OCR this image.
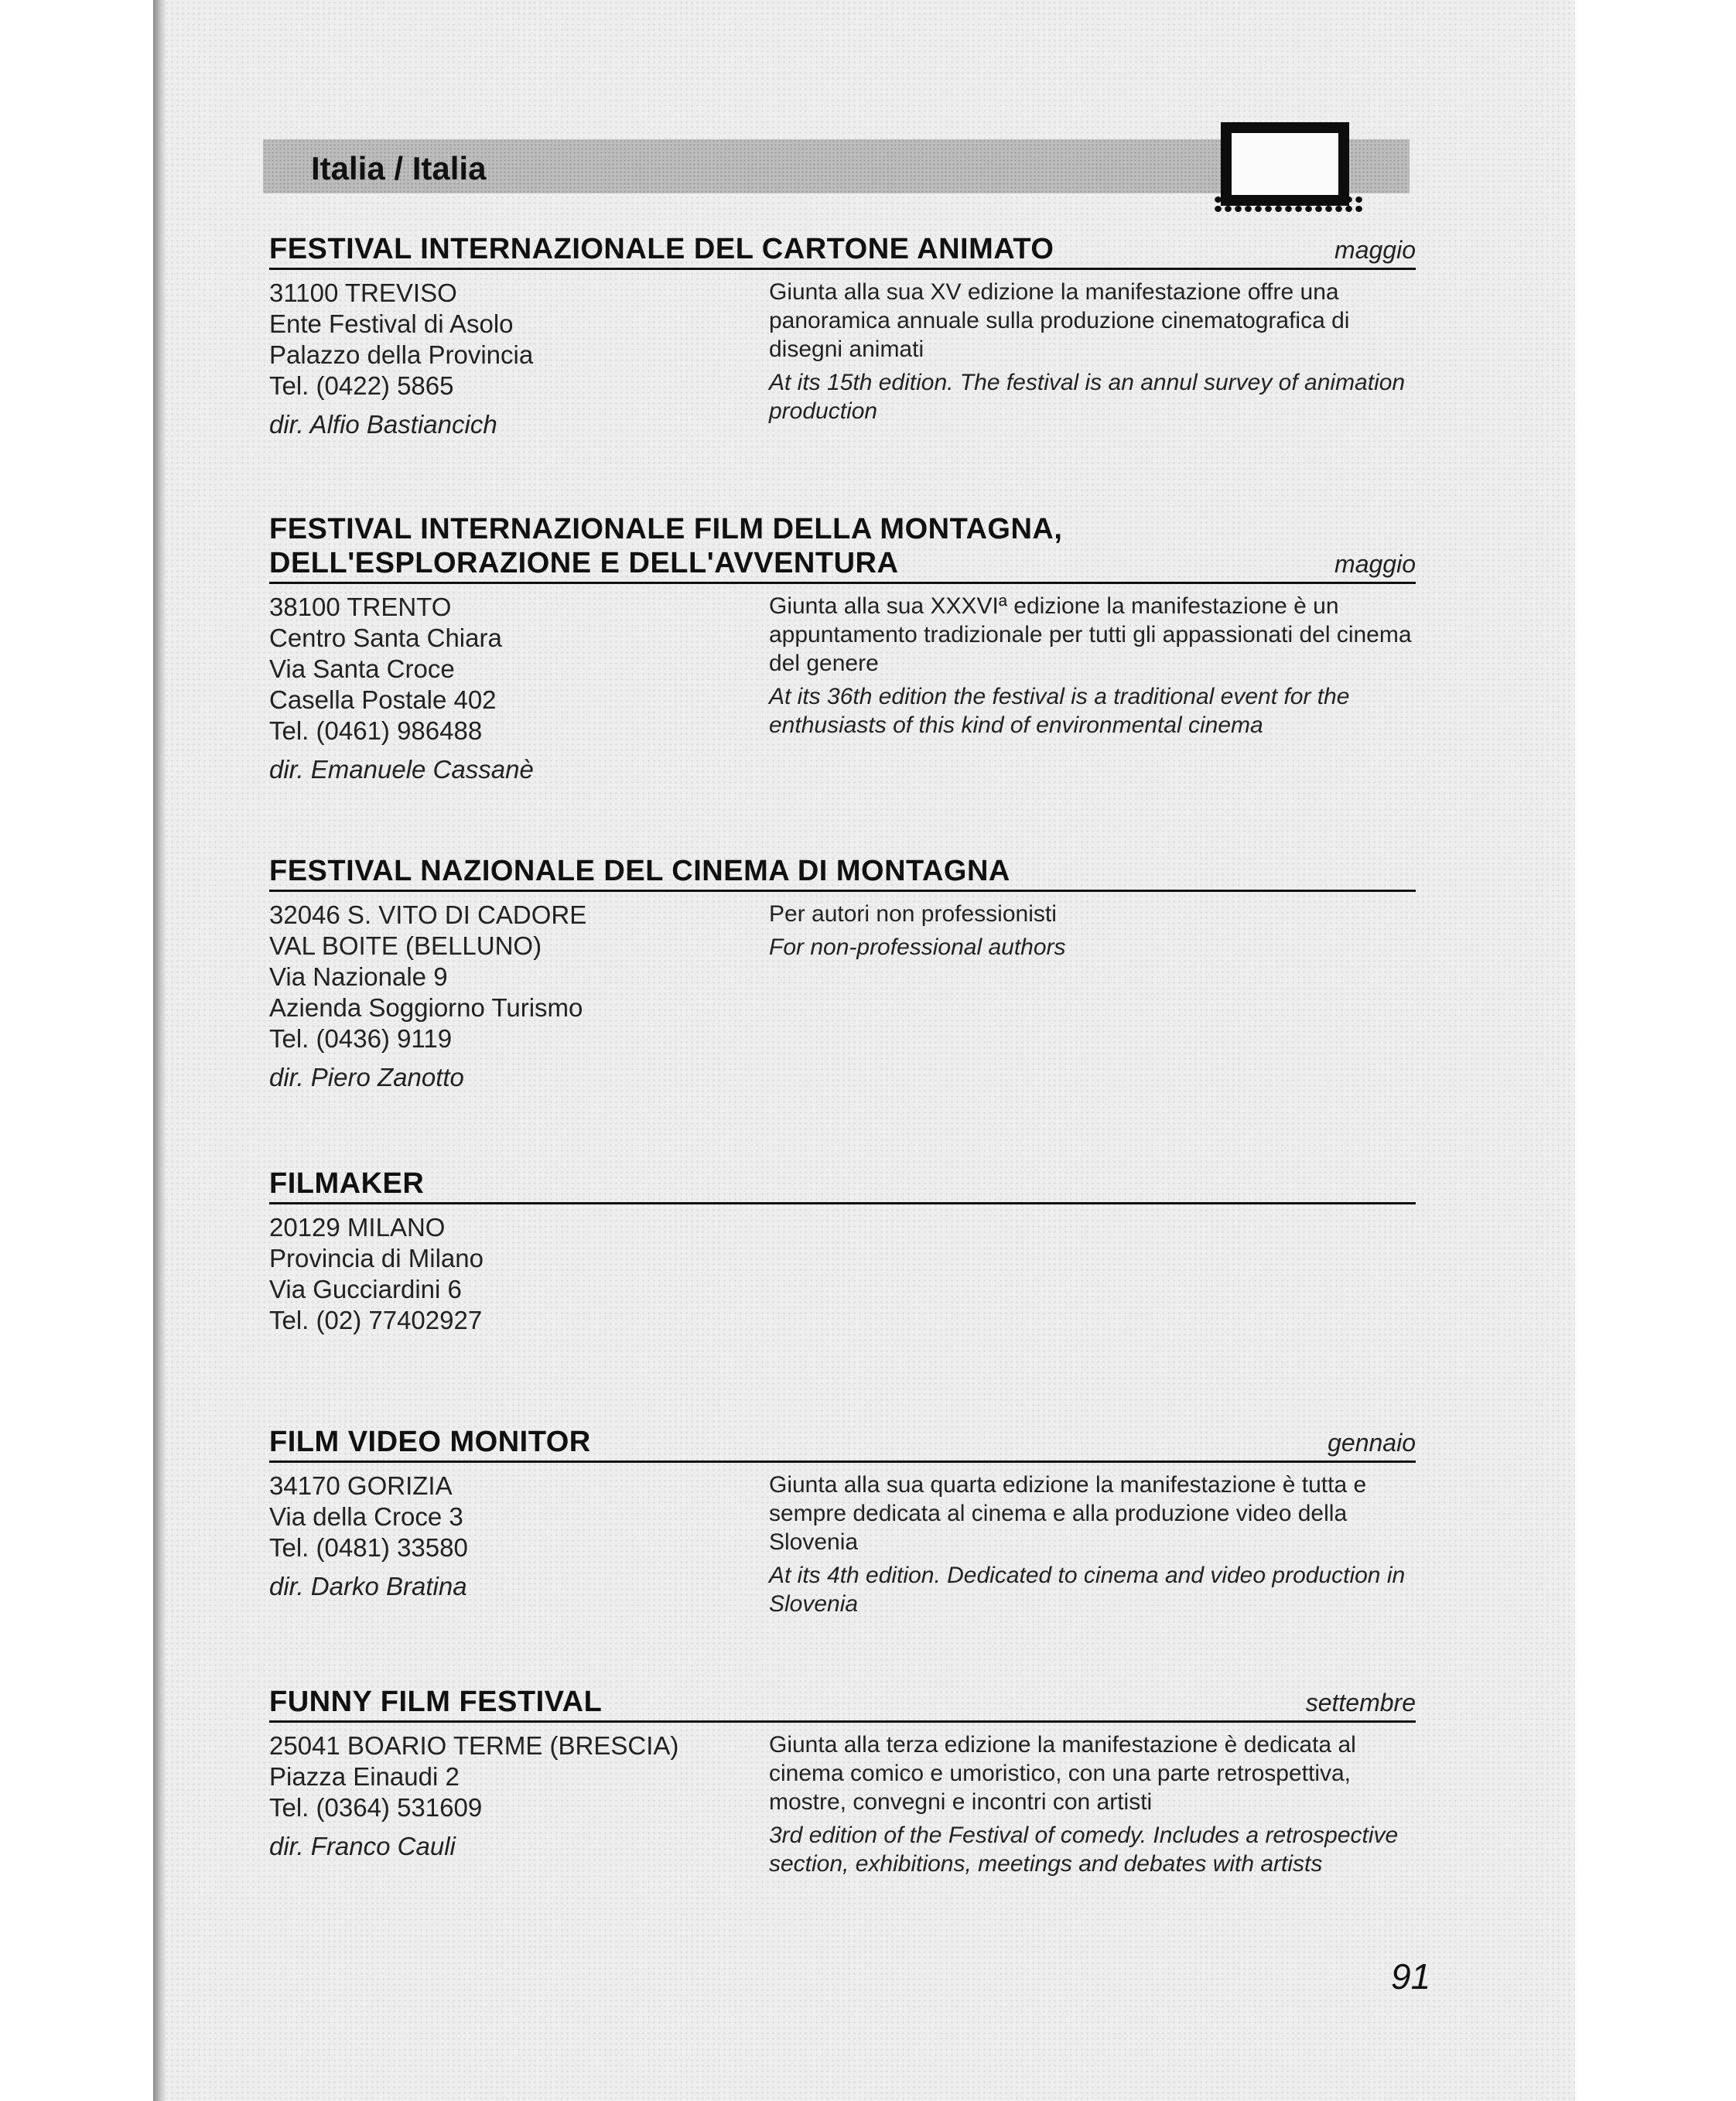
Italia / Italia
FESTIVAL INTERNAZIONALE DEL CARTONE ANIMATO	maggio
31100 TREVISO
Ente Festival di Asolo
Palazzo della Provincia
Tel. (0422) 5865
dir. Alfio Bastiancich
Giunta alla sua XV edizione la manifestazione offre una panoramica annuale sulla produzione cinematografica di disegni animati
At its 15th edition. The festival is an annul survey of animation production
FESTIVAL INTERNAZIONALE FILM DELLA MONTAGNA, DELL'ESPLORAZIONE E DELL'AVVENTURA	maggio
38100 TRENTO
Centro Santa Chiara
Via Santa Croce
Casella Postale 402
Tel. (0461) 986488
dir. Emanuele Cassanè
Giunta alla sua XXXVIª edizione la manifestazione è un appuntamento tradizionale per tutti gli appassionati del cinema del genere
At its 36th edition the festival is a traditional event for the enthusiasts of this kind of environmental cinema
FESTIVAL NAZIONALE DEL CINEMA DI MONTAGNA
32046 S. VITO DI CADORE
VAL BOITE (BELLUNO)
Via Nazionale 9
Azienda Soggiorno Turismo
Tel. (0436) 9119
dir. Piero Zanotto
Per autori non professionisti
For non-professional authors
FILMAKER
20129 MILANO
Provincia di Milano
Via Gucciardini 6
Tel. (02) 77402927
FILM VIDEO MONITOR	gennaio
34170 GORIZIA
Via della Croce 3
Tel. (0481) 33580
dir. Darko Bratina
Giunta alla sua quarta edizione la manifestazione è tutta e sempre dedicata al cinema e alla produzione video della Slovenia
At its 4th edition. Dedicated to cinema and video production in Slovenia
FUNNY FILM FESTIVAL	settembre
25041 BOARIO TERME (BRESCIA)
Piazza Einaudi 2
Tel. (0364) 531609
dir. Franco Cauli
Giunta alla terza edizione la manifestazione è dedicata al cinema comico e umoristico, con una parte retrospettiva, mostre, convegni e incontri con artisti
3rd edition of the Festival of comedy. Includes a retrospective section, exhibitions, meetings and debates with artists
91
